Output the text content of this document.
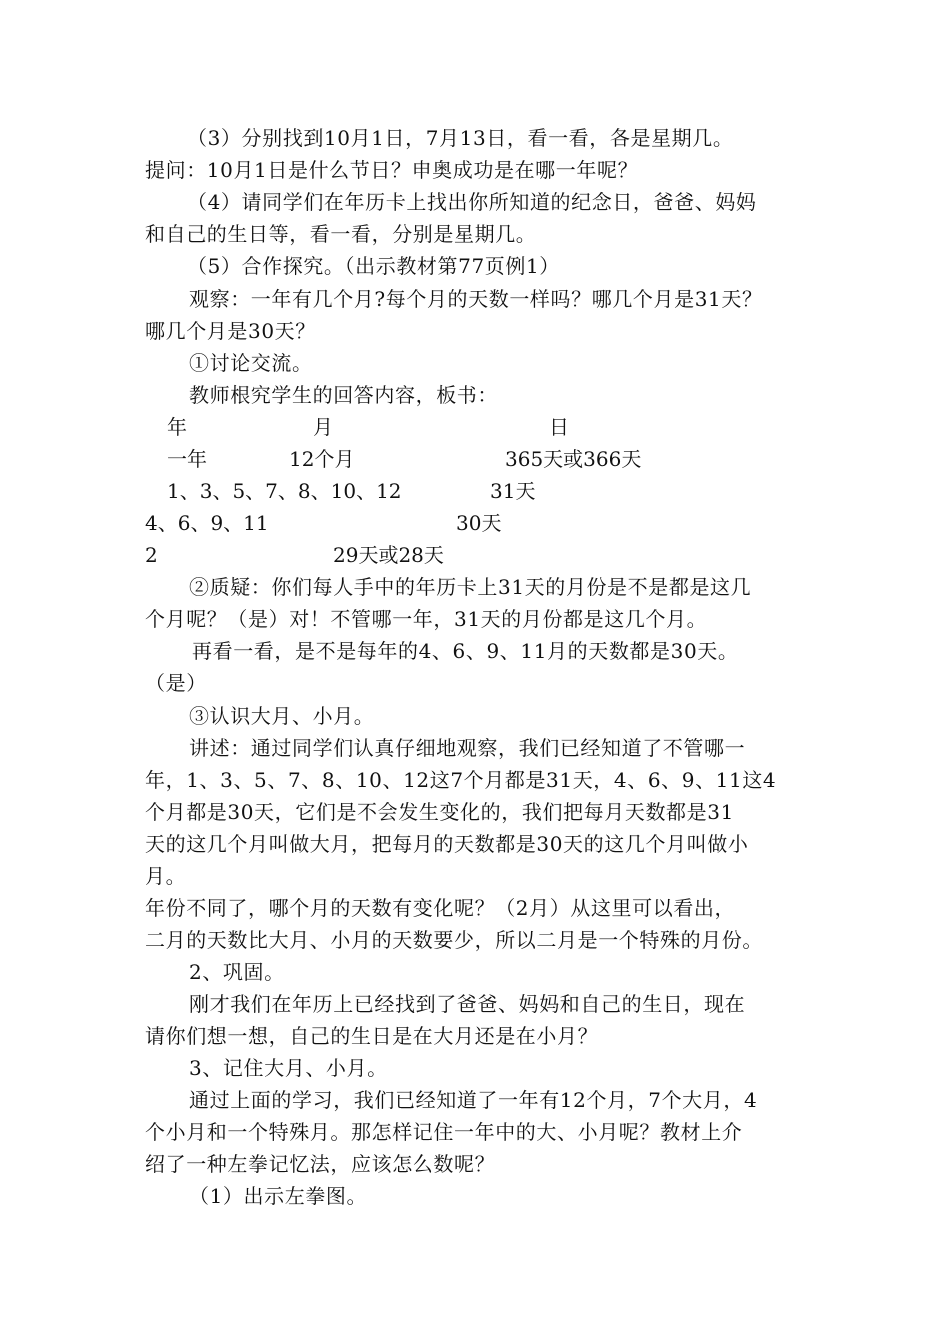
（3）分别找到10月1日，7月13日，看一看，各是星期几。
提问：10月1日是什么节日？申奥成功是在哪一年呢？
（4）请同学们在年历卡上找出你所知道的纪念日，爸爸、妈妈
和自己的生日等，看一看，分别是星期几。
（5）合作探究。（出示教材第77页例1）
观察：一年有几个月?每个月的天数一样吗？哪几个月是31天？
哪几个月是30天？
①讨论交流。
教师根究学生的回答内容，板书：
年	月	日
一年	12个月	365天或366天
1、3、5、7、8、10、12	31天
4、6、9、11	30天
2	29天或28天
②质疑：你们每人手中的年历卡上31天的月份是不是都是这几
个月呢？（是）对！不管哪一年，31天的月份都是这几个月。
再看一看，是不是每年的4、6、9、11月的天数都是30天。
（是）
③认识大月、小月。
讲述：通过同学们认真仔细地观察，我们已经知道了不管哪一
年，1、3、5、7、8、10、12这7个月都是31天，4、6、9、11这4
个月都是30天，它们是不会发生变化的，我们把每月天数都是31
天的这几个月叫做大月，把每月的天数都是30天的这几个月叫做小
月。
年份不同了，哪个月的天数有变化呢？（2月）从这里可以看出，
二月的天数比大月、小月的天数要少，所以二月是一个特殊的月份。
2、巩固。
刚才我们在年历上已经找到了爸爸、妈妈和自己的生日，现在
请你们想一想，自己的生日是在大月还是在小月？
3、记住大月、小月。
通过上面的学习，我们已经知道了一年有12个月，7个大月，4
个小月和一个特殊月。那怎样记住一年中的大、小月呢？教材上介
绍了一种左拳记忆法，应该怎么数呢？
（1）出示左拳图。
